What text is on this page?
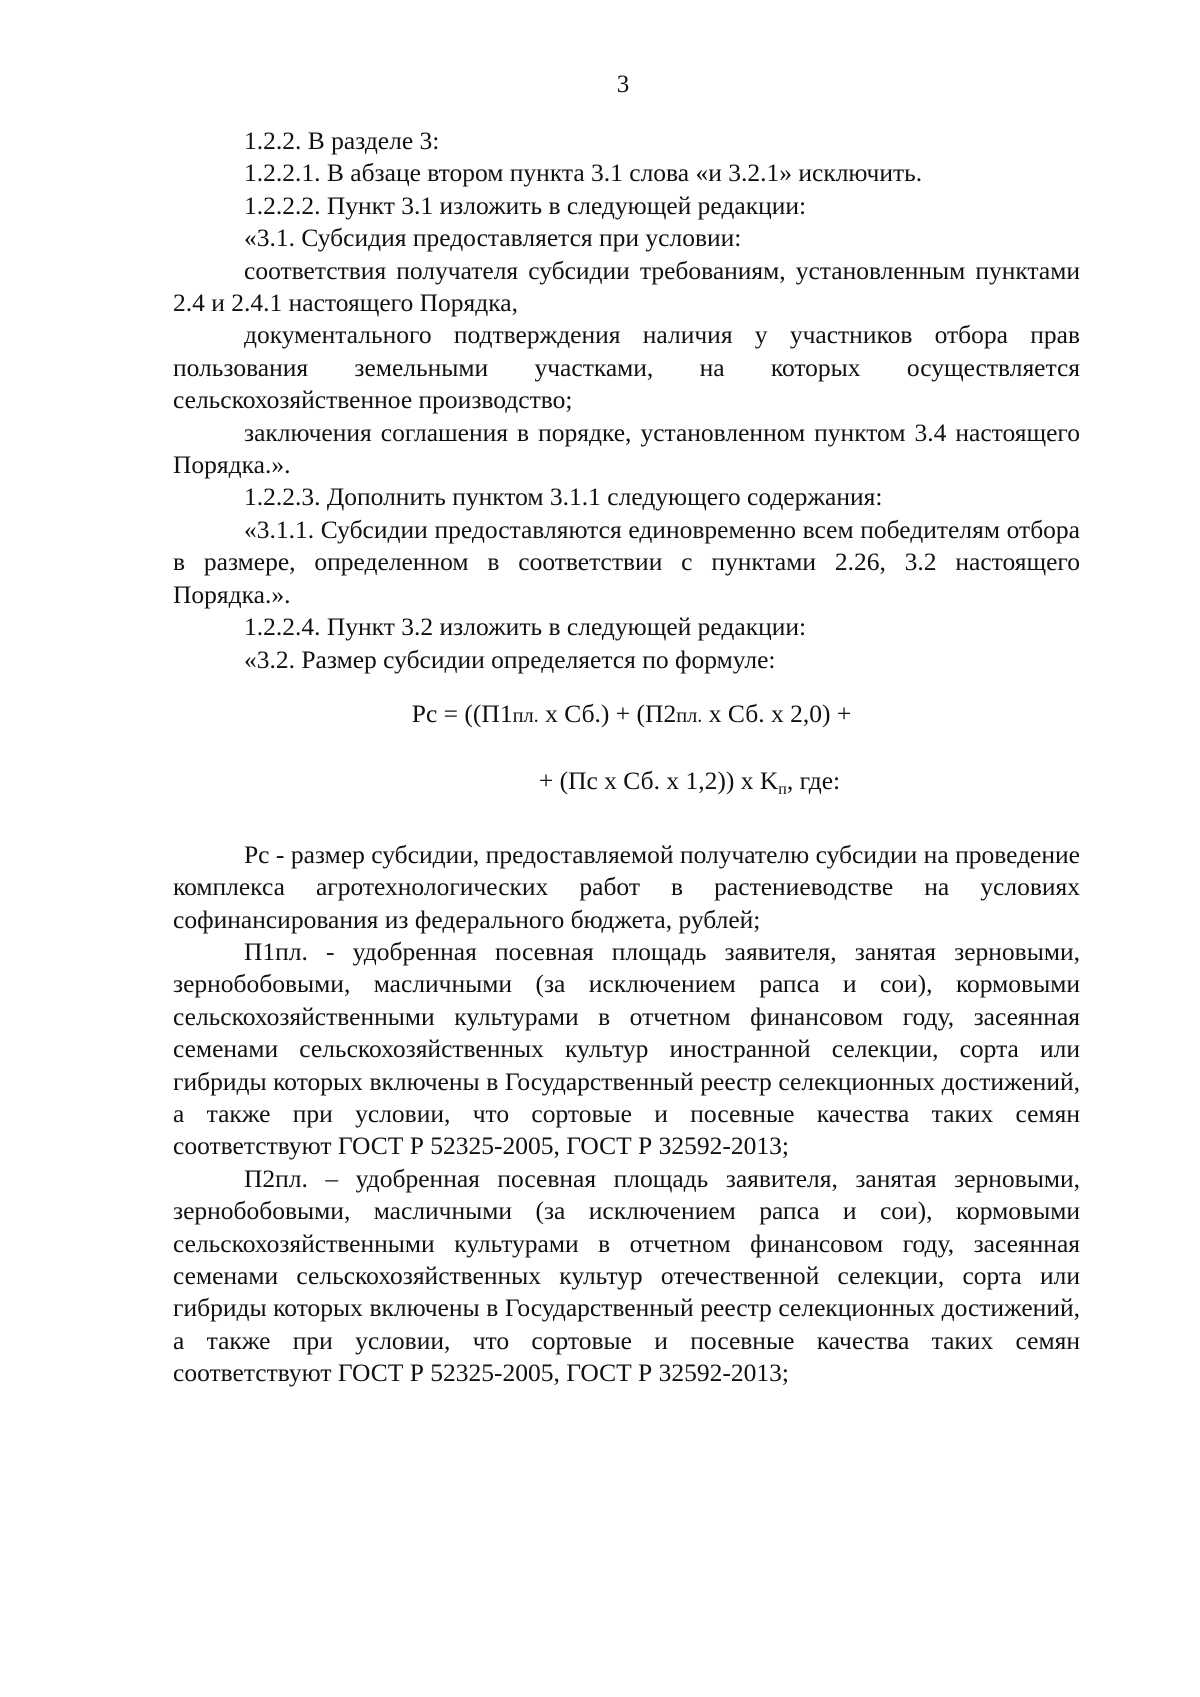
3

1.2.2. В разделе 3:

1.2.2.1. В абзаце втором пункта 3.1 слова «и 3.2.1» исключить.

1.2.2.2. Пункт 3.1 изложить в следующей редакции:

«3.1. Субсидия предоставляется при условии:

соответствия получателя субсидии требованиям, установленным пунктами 2.4 и 2.4.1 настоящего Порядка,

документального подтверждения наличия у участников отбора прав пользования земельными участками, на которых осуществляется сельскохозяйственное производство;

заключения соглашения в порядке, установленном пунктом 3.4 настоящего Порядка.».

1.2.2.3. Дополнить пунктом 3.1.1 следующего содержания:

«3.1.1. Субсидии предоставляются единовременно всем победителям отбора в размере, определенном в соответствии с пунктами 2.26, 3.2 настоящего Порядка.».

1.2.2.4. Пункт 3.2 изложить в следующей редакции:

«3.2. Размер субсидии определяется по формуле:

Рс = ((П1пл. х Сб.) + (П2пл. х Сб. х 2,0) +

+ (Пс х Сб. х 1,2)) х Kп, где:

Рс - размер субсидии, предоставляемой получателю субсидии на проведение комплекса агротехнологических работ в растениеводстве на условиях софинансирования из федерального бюджета, рублей;

П1пл. - удобренная посевная площадь заявителя, занятая зерновыми, зернобобовыми, масличными (за исключением рапса и сои), кормовыми сельскохозяйственными культурами в отчетном финансовом году, засеянная семенами сельскохозяйственных культур иностранной селекции, сорта или гибриды которых включены в Государственный реестр селекционных достижений, а также при условии, что сортовые и посевные качества таких семян соответствуют ГОСТ Р 52325-2005, ГОСТ Р 32592-2013;

П2пл. – удобренная посевная площадь заявителя, занятая зерновыми, зернобобовыми, масличными (за исключением рапса и сои), кормовыми сельскохозяйственными культурами в отчетном финансовом году, засеянная семенами сельскохозяйственных культур отечественной селекции, сорта или гибриды которых включены в Государственный реестр селекционных достижений, а также при условии, что сортовые и посевные качества таких семян соответствуют ГОСТ Р 52325-2005, ГОСТ Р 32592-2013;
